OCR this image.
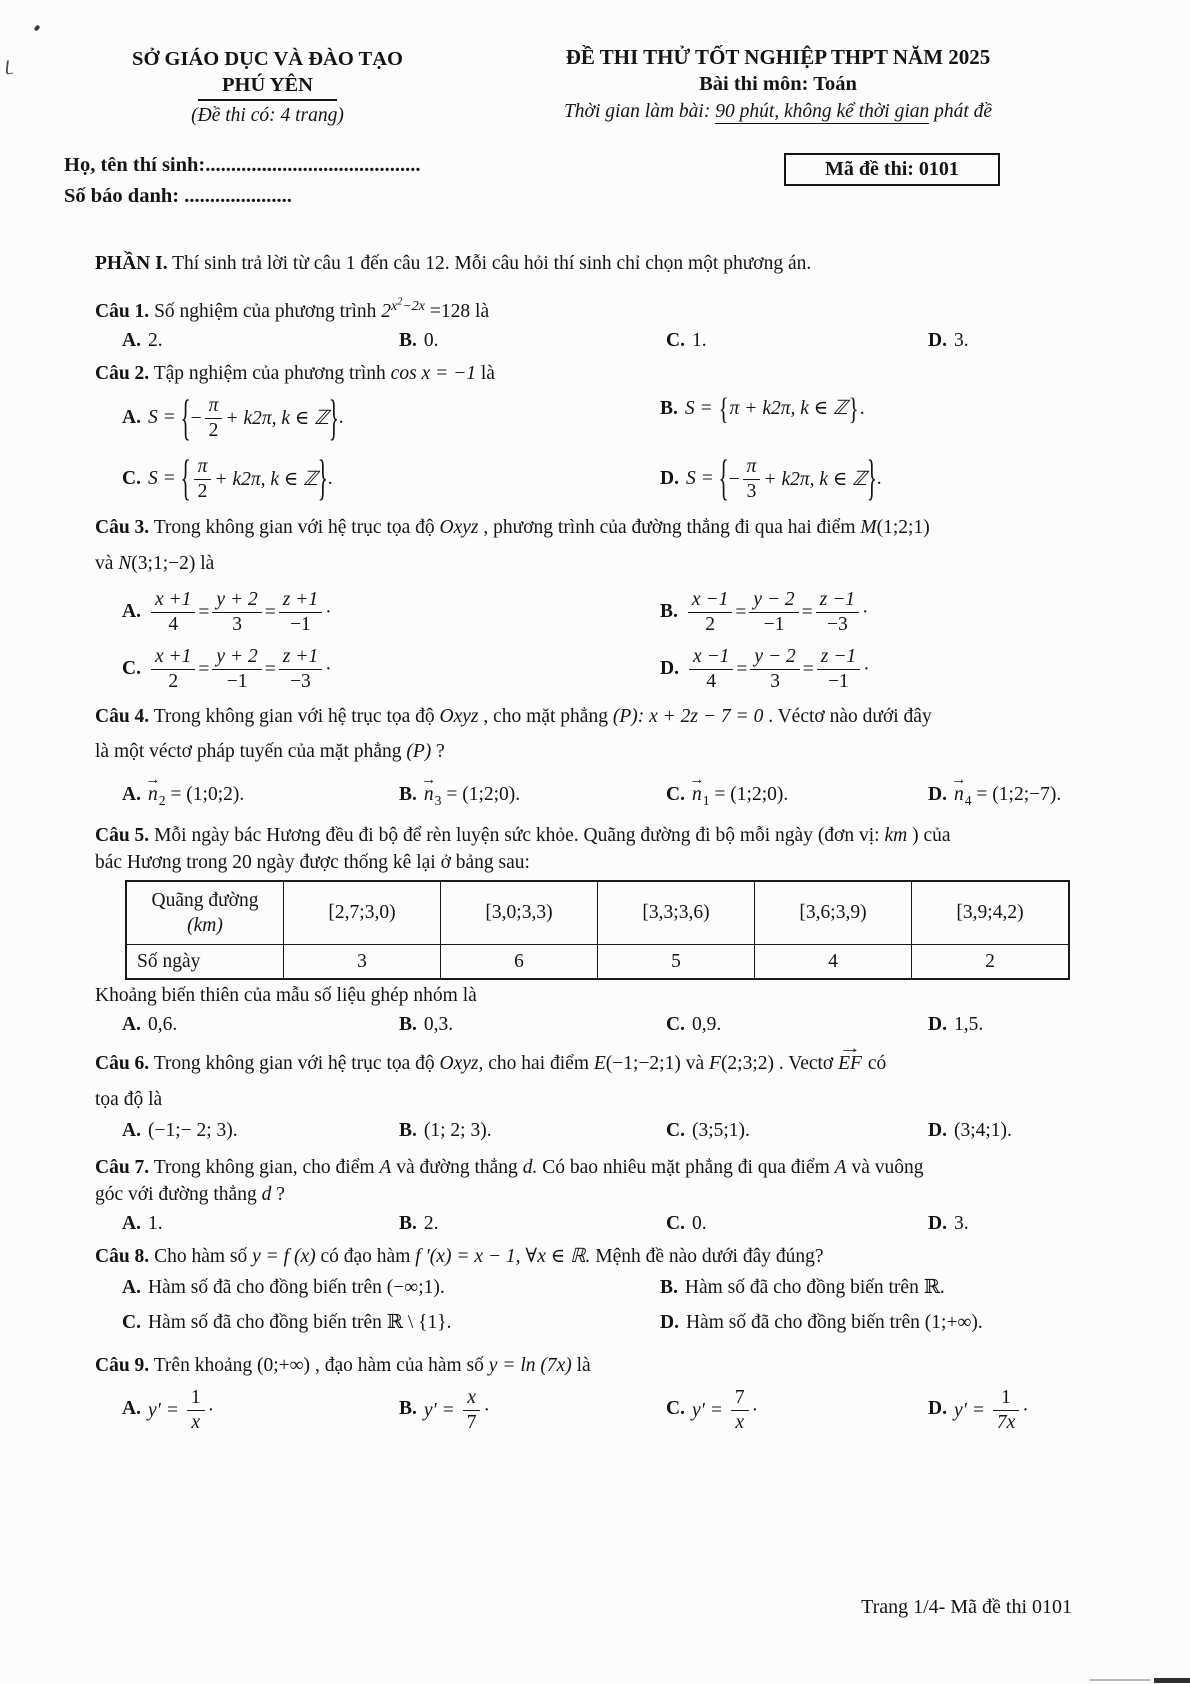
SỞ GIÁO DỤC VÀ ĐÀO TẠO
PHÚ YÊN
(Đề thi có: 4 trang)
ĐỀ THI THỬ TỐT NGHIỆP THPT NĂM 2025
Bài thi môn: Toán
Thời gian làm bài: 90 phút, không kể thời gian phát đề
Họ, tên thí sinh:..........................................
Số báo danh: .....................
Mã đề thi: 0101
PHẦN I. Thí sinh trả lời từ câu 1 đến câu 12. Mỗi câu hỏi thí sinh chỉ chọn một phương án.
Câu 1. Số nghiệm của phương trình $2^{x^2-2x} =128$ là
A. 2.	B. 0.	C. 1.	D. 3.
Câu 2. Tập nghiệm của phương trình cos x = −1 là
A. S = {− $\frac{\pi}{2} + k2\pi$, k ∈ ℤ}.	B. S = {π + k2π, k ∈ ℤ}.
C. S = { $\frac{\pi}{2} + k2\pi$, k ∈ ℤ}.	D. S = {− $\frac{\pi}{3} + k2\pi$, k ∈ ℤ}.
Câu 3. Trong không gian với hệ trục tọa độ Oxyz , phương trình của đường thẳng đi qua hai điểm M(1;2;1)
và N(3;1;−2) là
A. $\frac{x +1}{4} = \frac{y + 2}{3} = \frac{z +1}{-1}$ ·	B. $\frac{x -1}{2} = \frac{y - 2}{-1} = \frac{z -1}{-3}$ ·
C. $\frac{x +1}{2} = \frac{y + 2}{-1} = \frac{z +1}{-3}$ ·	D. $\frac{x -1}{4} = \frac{y - 2}{3} = \frac{z -1}{-1}$ ·
Câu 4. Trong không gian với hệ trục tọa độ Oxyz , cho mặt phẳng (P): x + 2z − 7 = 0 . Véctơ nào dưới đây
là một véctơ pháp tuyến của mặt phẳng (P) ?
A. → $n_2$ = (1;0;2).	B. → $n_3$ = (1;2;0).	C. → $n_1$ = (1;2;0).	D. → $n_4$ = (1;2;−7).
Câu 5. Mỗi ngày bác Hương đều đi bộ để rèn luyện sức khỏe. Quãng đường đi bộ mỗi ngày (đơn vị: km ) của
bác Hương trong 20 ngày được thống kê lại ở bảng sau:
Quãng đường
(km)	[2,7;3,0)	[3,0;3,3)	[3,3;3,6)	[3,6;3,9)	[3,9;4,2)
Số ngày	3	6	5	4	2
Khoảng biến thiên của mẫu số liệu ghép nhóm là
A. 0,6.	B. 0,3.	C. 0,9.	D. 1,5.
Câu 6. Trong không gian với hệ trục tọa độ Oxyz, cho hai điểm E(−1;−2;1) và F(2;3;2) . Vectơ → EF có
tọa độ là
A. (−1;− 2; 3).	B. (1; 2; 3).	C. (3;5;1).	D. (3;4;1).
Câu 7. Trong không gian, cho điểm A và đường thẳng d. Có bao nhiêu mặt phẳng đi qua điểm A và vuông
góc với đường thẳng d ?
A. 1.	B. 2.	C. 0.	D. 3.
Câu 8. Cho hàm số y = f (x) có đạo hàm f ′(x) = x − 1, ∀x ∈ ℝ. Mệnh đề nào dưới đây đúng?
A. Hàm số đã cho đồng biến trên (−∞;1).	B. Hàm số đã cho đồng biến trên ℝ.
C. Hàm số đã cho đồng biến trên ℝ \ {1}.	D. Hàm số đã cho đồng biến trên (1;+∞).
Câu 9. Trên khoảng (0;+∞) , đạo hàm của hàm số y = ln (7x) là
A. $y' = \frac{1}{x}$ ·	B. $y' = \frac{x}{7}$ ·	C. $y' = \frac{7}{x}$ ·	D. $y' = \frac{1}{7x}$ ·
Trang 1/4- Mã đề thi 0101
